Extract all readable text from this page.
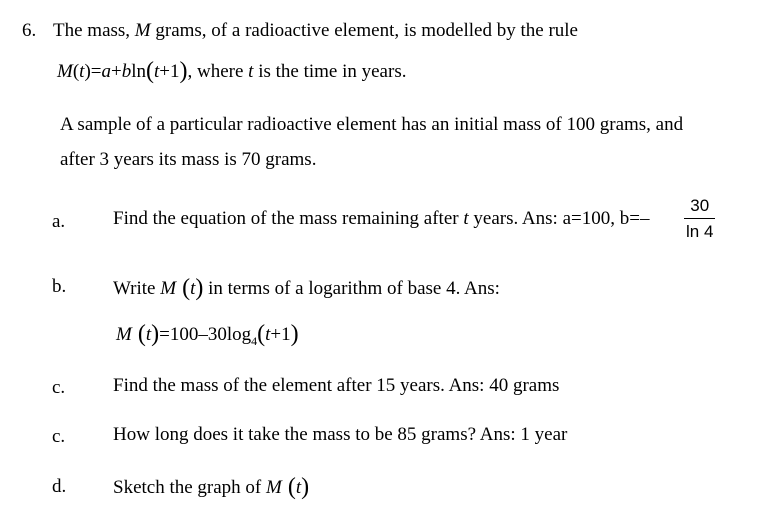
6. The mass, M grams, of a radioactive element, is modelled by the rule
M(t)=a+bln(t+1), where t is the time in years.
A sample of a particular radioactive element has an initial mass of 100 grams, and
after 3 years its mass is 70 grams.
a.	Find the equation of the mass remaining after t years. Ans: a=100, $b=- \frac{30}{\ln 4}$
b. Write M (t) in terms of a logarithm of base 4. Ans:
M $(t)=100-30\log_4(t+1)$
c.	Find the mass of the element after 15 years. Ans: 40 grams
c.	How long does it take the mass to be 85 grams? Ans: 1 year
d. Sketch the graph of M (t)
